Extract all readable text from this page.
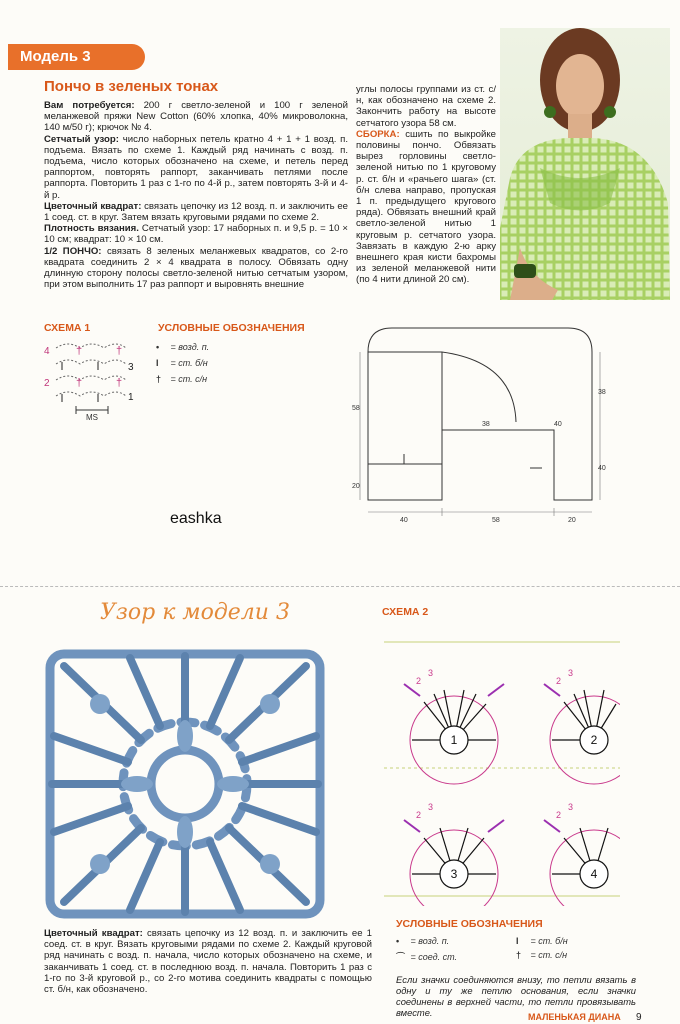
Модель 3
Пончо в зеленых тонах

Вам потребуется: 200 г светло-зеленой и 100 г зеленой меланжевой пряжи New Cotton (60% хлопка, 40% микроволокна, 140 м/50 г); крючок № 4.

Сетчатый узор: число наборных петель кратно 4 + 1 + 1 возд. п. подъема. Вязать по схеме 1. Каждый ряд начинать с возд. п. подъема, число которых обозначено на схеме, и петель перед раппортом, повторять раппорт, заканчивать петлями после раппорта. Повторить 1 раз с 1-го по 4-й р., затем повторять 3-й и 4-й р.

Цветочный квадрат: связать цепочку из 12 возд. п. и заключить ее 1 соед. ст. в круг. Затем вязать круговыми рядами по схеме 2.

Плотность вязания. Сетчатый узор: 17 наборных п. и 9,5 р. = 10 × 10 см; квадрат: 10 × 10 см.

1/2 ПОНЧО: связать 8 зеленых меланжевых квадратов, со 2-го квадрата соединить 2 × 4 квадрата в полосу. Обвязать одну длинную сторону полосы светло-зеленой нитью сетчатым узором, при этом выполнить 17 раз раппорт и выровнять внешние

углы полосы группами из ст. с/н, как обозначено на схеме 2. Закончить работу на высоте сетчатого узора 58 см.

СБОРКА: сшить по выкройке половины пончо. Обвязать вырез горловины светло-зеленой нитью по 1 круговому р. ст. б/н и «рачьего шага» (ст. б/н слева направо, пропуская 1 п. предыдущего кругового ряда). Обвязать внешний край светло-зеленой нитью 1 круговым р. сетчатого узора. Завязать в каждую 2-ю арку внешнего края кисти бахромы из зеленой меланжевой нити (по 4 нити длиной 20 см).

СХЕМА 1
4
3
2
1
†	†
†	†
MS
УСЛОВНЫЕ ОБОЗНАЧЕНИЯ
• = возд. п.
I = ст. б/н
† = ст. с/н
38
58
38
40
40
20
40	58	20
eashka
Узор к модели 3	СХЕМА 2
1	2
3	4
2
3
2
3
2
3
2
3
Цветочный квадрат: связать цепочку из 12 возд. п. и заключить ее 1 соед. ст. в круг. Вязать круговыми рядами по схеме 2. Каждый круговой ряд начинать с возд. п. начала, число которых обозначено на схеме, и заканчивать 1 соед. ст. в последнюю возд. п. начала. Повторить 1 раз с 1-го по 3-й круговой р., со 2-го мотива соединить квадраты с помощью ст. б/н, как обозначено.
УСЛОВНЫЕ ОБОЗНАЧЕНИЯ
• = возд. п.	I = ст. б/н
⌒ = соед. ст.	† = ст. с/н
Если значки соединяются внизу, то петли вязать в одну и ту же петлю основания, если значки соединены в верхней части, то петли провязывать вместе.	МАЛЕНЬКАЯ ДИАНА 9
